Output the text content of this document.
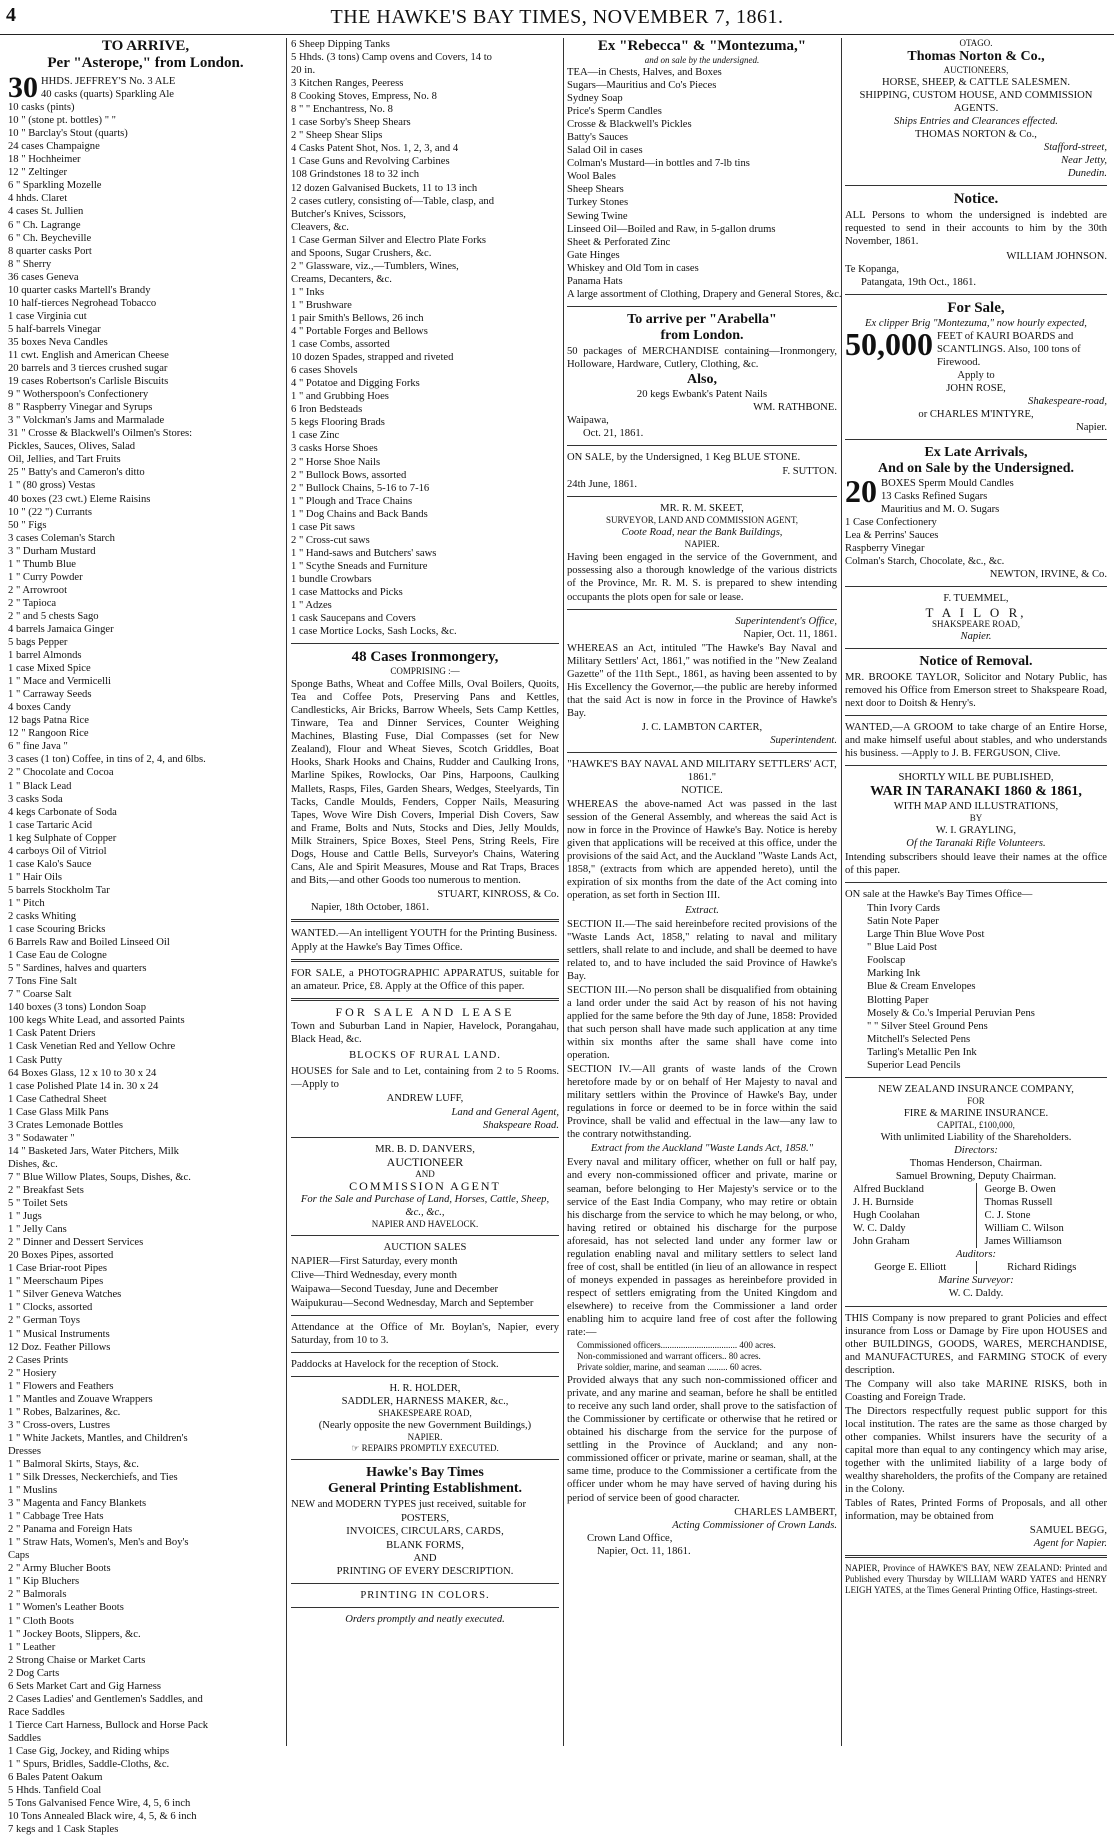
4	THE HAWKE'S BAY TIMES, NOVEMBER 7, 1861.
TO ARRIVE,
Per "Asterope," from London.
30 HHDS. JEFFREY'S No. 3 ALE
40 casks (quarts) Sparkling Ale
10 casks (pints)
10 " (stone pt. bottles) " "
10 " Barclay's Stout (quarts)
24 cases Champaigne
18 " Hochheimer
12 " Zeltinger
6 " Sparkling Mozelle
4 hhds. Claret
4 cases St. Jullien
6 " Ch. Lagrange
6 " Ch. Beycheville
8 quarter casks Port
8 " Sherry
36 cases Geneva
10 quarter casks Martell's Brandy
10 half-tierces Negrohead Tobacco
1 case Virginia cut
5 half-barrels Vinegar
35 boxes Neva Candles
11 cwt. English and American Cheese
20 barrels and 3 tierces crushed sugar
19 cases Robertson's Carlisle Biscuits
9 " Wotherspoon's Confectionery
8 " Raspberry Vinegar and Syrups
3 " Volckman's Jams and Marmalade
31 " Crosse & Blackwell's Oilmen's Stores:
Pickles, Sauces, Olives, Salad
Oil, Jellies, and Tart Fruits
25 " Batty's and Cameron's ditto
1 " (80 gross) Vestas
40 boxes (23 cwt.) Eleme Raisins
10 " (22 ") Currants
50 " Figs
3 cases Coleman's Starch
3 " Durham Mustard
1 " Thumb Blue
1 " Curry Powder
2 " Arrowroot
2 " Tapioca
2 " and 5 chests Sago
4 barrels Jamaica Ginger
5 bags Pepper
1 barrel Almonds
1 case Mixed Spice
1 " Mace and Vermicelli
1 " Carraway Seeds
4 boxes Candy
12 bags Patna Rice
12 " Rangoon Rice
6 " fine Java "
3 cases (1 ton) Coffee, in tins of 2, 4, and 6lbs.
2 " Chocolate and Cocoa
1 " Black Lead
3 casks Soda
4 kegs Carbonate of Soda
1 case Tartaric Acid
1 keg Sulphate of Copper
4 carboys Oil of Vitriol
1 case Kalo's Sauce
1 " Hair Oils
5 barrels Stockholm Tar
1 " Pitch
2 casks Whiting
1 case Scouring Bricks
6 Barrels Raw and Boiled Linseed Oil
1 Case Eau de Cologne
5 " Sardines, halves and quarters
7 Tons Fine Salt
7 " Coarse Salt
140 boxes (3 tons) London Soap
100 kegs White Lead, and assorted Paints
1 Cask Patent Driers
1 Cask Venetian Red and Yellow Ochre
1 Cask Putty
64 Boxes Glass, 12 x 10 to 30 x 24
1 case Polished Plate 14 in. 30 x 24
1 Case Cathedral Sheet
1 Case Glass Milk Pans
3 Crates Lemonade Bottles
3 " Sodawater "
14 " Basketed Jars, Water Pitchers, Milk
Dishes, &c.
7 " Blue Willow Plates, Soups, Dishes, &c.
2 " Breakfast Sets
5 " Toilet Sets
1 " Jugs
1 " Jelly Cans
2 " Dinner and Dessert Services
20 Boxes Pipes, assorted
1 Case Briar-root Pipes
1 " Meerschaum Pipes
1 " Silver Geneva Watches
1 " Clocks, assorted
2 " German Toys
1 " Musical Instruments
12 Doz. Feather Pillows
2 Cases Prints
2 " Hosiery
1 " Flowers and Feathers
1 " Mantles and Zouave Wrappers
1 " Robes, Balzarines, &c.
3 " Cross-overs, Lustres
1 " White Jackets, Mantles, and Children's
Dresses
1 " Balmoral Skirts, Stays, &c.
1 " Silk Dresses, Neckerchiefs, and Ties
1 " Muslins
3 " Magenta and Fancy Blankets
1 " Cabbage Tree Hats
2 " Panama and Foreign Hats
1 " Straw Hats, Women's, Men's and Boy's
Caps
2 " Army Blucher Boots
1 " Kip Bluchers
2 " Balmorals
1 " Women's Leather Boots
1 " Cloth Boots
1 " Jockey Boots, Slippers, &c.
1 " Leather
2 Strong Chaise or Market Carts
2 Dog Carts
6 Sets Market Cart and Gig Harness
2 Cases Ladies' and Gentlemen's Saddles, and
Race Saddles
1 Tierce Cart Harness, Bullock and Horse Pack
Saddles
1 Case Gig, Jockey, and Riding whips
1 " Spurs, Bridles, Saddle-Cloths, &c.
6 Bales Patent Oakum
5 Hhds. Tanfield Coal
5 Tons Galvanised Fence Wire, 4, 5, 6 inch
10 Tons Annealed Black wire, 4, 5, & 6 inch
7 kegs and 1 Cask Staples
6 Sheep Dipping Tanks
5 Hhds. (3 tons) Camp ovens and Covers, 14 to
20 in.
3 Kitchen Ranges, Peeress
8 Cooking Stoves, Empress, No. 8
8 " " Enchantress, No. 8
1 case Sorby's Sheep Shears
2 " Sheep Shear Slips
4 Casks Patent Shot, Nos. 1, 2, 3, and 4
1 Case Guns and Revolving Carbines
108 Grindstones 18 to 32 inch
12 dozen Galvanised Buckets, 11 to 13 inch
2 cases cutlery, consisting of—Table, clasp, and
Butcher's Knives, Scissors,
Cleavers, &c.
1 Case German Silver and Electro Plate Forks
and Spoons, Sugar Crushers, &c.
2 " Glassware, viz.,—Tumblers, Wines,
Creams, Decanters, &c.
1 " Inks
1 " Brushware
1 pair Smith's Bellows, 26 inch
4 " Portable Forges and Bellows
1 case Combs, assorted
10 dozen Spades, strapped and riveted
6 cases Shovels
4 " Potatoe and Digging Forks
1 " and Grubbing Hoes
6 Iron Bedsteads
5 kegs Flooring Brads
1 case Zinc
3 casks Horse Shoes
2 " Horse Shoe Nails
2 " Bullock Bows, assorted
2 " Bullock Chains, 5-16 to 7-16
1 " Plough and Trace Chains
1 " Dog Chains and Back Bands
1 case Pit saws
2 " Cross-cut saws
1 " Hand-saws and Butchers' saws
1 " Scythe Sneads and Furniture
1 bundle Crowbars
1 case Mattocks and Picks
1 " Adzes
1 cask Saucepans and Covers
1 case Mortice Locks, Sash Locks, &c.
48 Cases Ironmongery,
COMPRISING :—
Sponge Baths, Wheat and Coffee Mills, Oval Boilers, Quoits, Tea and Coffee Pots, Preserving Pans and Kettles, Candlesticks, Air Bricks, Barrow Wheels, Sets Camp Kettles, Tinware, Tea and Dinner Services, Counter Weighing Machines, Blasting Fuse, Dial Compasses (set for New Zealand), Flour and Wheat Sieves, Scotch Griddles, Boat Hooks, Shark Hooks and Chains, Rudder and Caulking Irons, Marline Spikes, Rowlocks, Oar Pins, Harpoons, Caulking Mallets, Rasps, Files, Garden Shears, Wedges, Steelyards, Tin Tacks, Candle Moulds, Fenders, Copper Nails, Measuring Tapes, Wove Wire Dish Covers, Imperial Dish Covers, Saw and Frame, Bolts and Nuts, Stocks and Dies, Jelly Moulds, Milk Strainers, Spice Boxes, Steel Pens, String Reels, Fire Dogs, House and Cattle Bells, Surveyor's Chains, Watering Cans, Ale and Spirit Measures, Mouse and Rat Traps, Braces and Bits,—and other Goods too numerous to mention.
STUART, KINROSS, & Co.
Napier, 18th October, 1861.
WANTED.—An intelligent YOUTH for the Printing Business.
Apply at the Hawke's Bay Times Office.
FOR SALE, a PHOTOGRAPHIC APPARATUS, suitable for an amateur. Price, £8. Apply at the Office of this paper.
FOR SALE AND LEASE
Town and Suburban Land in Napier, Havelock, Porangahau, Black Head, &c.
BLOCKS OF RURAL LAND.
HOUSES for Sale and to Let, containing from 2 to 5 Rooms.—Apply to
ANDREW LUFF,
Land and General Agent,
Shakspeare Road.
MR. B. D. DANVERS,
AUCTIONEER
AND
COMMISSION AGENT
For the Sale and Purchase of Land, Horses, Cattle, Sheep, &c., &c.,
NAPIER AND HAVELOCK.
AUCTION SALES
NAPIER—First Saturday, every month
Clive—Third Wednesday, every month
Waipawa—Second Tuesday, June and December
Waipukurau—Second Wednesday, March and September
Attendance at the Office of Mr. Boylan's, Napier, every Saturday, from 10 to 3.
Paddocks at Havelock for the reception of Stock.
H. R. HOLDER,
SADDLER, HARNESS MAKER, &c.,
SHAKESPEARE ROAD,
(Nearly opposite the new Government Buildings,)
NAPIER.
☞ REPAIRS PROMPTLY EXECUTED.
Hawke's Bay Times
General Printing Establishment.
NEW and MODERN TYPES just received, suitable for
POSTERS,
INVOICES, CIRCULARS, CARDS,
BLANK FORMS,
AND
PRINTING OF EVERY DESCRIPTION.
PRINTING IN COLORS.
Orders promptly and neatly executed.
Ex "Rebecca" & "Montezuma,"
and on sale by the undersigned.
TEA—in Chests, Halves, and Boxes
Sugars—Mauritius and Co's Pieces
Sydney Soap
Price's Sperm Candles
Crosse & Blackwell's Pickles
Batty's Sauces
Salad Oil in cases
Colman's Mustard—in bottles and 7-lb tins
Wool Bales
Sheep Shears
Turkey Stones
Sewing Twine
Linseed Oil—Boiled and Raw, in 5-gallon drums
Sheet & Perforated Zinc
Gate Hinges
Whiskey and Old Tom in cases
Panama Hats
A large assortment of Clothing, Drapery and General Stores, &c.
To arrive per "Arabella"
from London.
50 packages of MERCHANDISE containing—Ironmongery, Holloware, Hardware, Cutlery, Clothing, &c.
Also,
20 kegs Ewbank's Patent Nails
WM. RATHBONE.
Waipawa,
Oct. 21, 1861.
ON SALE, by the Undersigned, 1 Keg BLUE STONE.
F. SUTTON.
24th June, 1861.
MR. R. M. SKEET,
SURVEYOR, LAND AND COMMISSION AGENT,
Coote Road, near the Bank Buildings,
NAPIER.
Having been engaged in the service of the Government, and possessing also a thorough knowledge of the various districts of the Province, Mr. R. M. S. is prepared to shew intending occupants the plots open for sale or lease.
Superintendent's Office,
Napier, Oct. 11, 1861.
WHEREAS an Act, intituled "The Hawke's Bay Naval and Military Settlers' Act, 1861," was notified in the "New Zealand Gazette" of the 11th Sept., 1861, as having been assented to by His Excellency the Governor,—the public are hereby informed that the said Act is now in force in the Province of Hawke's Bay.
J. C. LAMBTON CARTER,
Superintendent.
"HAWKE'S BAY NAVAL AND MILITARY SETTLERS' ACT, 1861."
NOTICE.
WHEREAS the above-named Act was passed in the last session of the General Assembly, and whereas the said Act is now in force in the Province of Hawke's Bay. Notice is hereby given that applications will be received at this office, under the provisions of the said Act, and the Auckland "Waste Lands Act, 1858," (extracts from which are appended hereto), until the expiration of six months from the date of the Act coming into operation, as set forth in Section III.
Extract.
SECTION II.—The said hereinbefore recited provisions of the "Waste Lands Act, 1858," relating to naval and military settlers, shall relate to and include, and shall be deemed to have related to, and to have included the said Province of Hawke's Bay.
SECTION III.—No person shall be disqualified from obtaining a land order under the said Act by reason of his not having applied for the same before the 9th day of June, 1858: Provided that such person shall have made such application at any time within six months after the same shall have come into operation.
SECTION IV.—All grants of waste lands of the Crown heretofore made by or on behalf of Her Majesty to naval and military settlers within the Province of Hawke's Bay, under regulations in force or deemed to be in force within the said Province, shall be valid and effectual in the law—any law to the contrary notwithstanding.
Extract from the Auckland "Waste Lands Act, 1858."
Every naval and military officer, whether on full or half pay, and every non-commissioned officer and private, marine or seaman, before belonging to Her Majesty's service or to the service of the East India Company, who may retire or obtain his discharge from the service to which he may belong, or who, having retired or obtained his discharge for the purpose aforesaid, has not selected land under any former law or regulation enabling naval and military settlers to select land free of cost, shall be entitled (in lieu of an allowance in respect of moneys expended in passages as hereinbefore provided in respect of settlers emigrating from the United Kingdom and elsewhere) to receive from the Commissioner a land order enabling him to acquire land free of cost after the following rate:—
Commissioned officers.................................. 400 acres.
Non-commissioned and warrant officers.. 80 acres.
Private soldier, marine, and seaman ......... 60 acres.
Provided always that any such non-commissioned officer and private, and any marine and seaman, before he shall be entitled to receive any such land order, shall prove to the satisfaction of the Commissioner by certificate or otherwise that he retired or obtained his discharge from the service for the purpose of settling in the Province of Auckland; and any non-commissioned officer or private, marine or seaman, shall, at the same time, produce to the Commissioner a certificate from the officer under whom he may have served of having during his period of service been of good character.
CHARLES LAMBERT,
Acting Commissioner of Crown Lands.
Crown Land Office,
Napier, Oct. 11, 1861.
OTAGO.
Thomas Norton & Co.,
AUCTIONEERS,
HORSE, SHEEP, & CATTLE SALESMEN.
SHIPPING, CUSTOM HOUSE, AND COMMISSION AGENTS.
Ships Entries and Clearances effected.
THOMAS NORTON & Co.,
Stafford-street,
Near Jetty,
Dunedin.
Notice.
ALL Persons to whom the undersigned is indebted are requested to send in their accounts to him by the 30th November, 1861.
WILLIAM JOHNSON.
Te Kopanga,
Patangata, 19th Oct., 1861.
For Sale,
Ex clipper Brig "Montezuma," now hourly expected,
50,000 FEET of KAURI BOARDS and SCANTLINGS. Also, 100 tons of Firewood.
Apply to
JOHN ROSE,
Shakespeare-road,
or CHARLES M'INTYRE,
Napier.
Ex Late Arrivals,
And on Sale by the Undersigned.
20 BOXES Sperm Mould Candles
13 Casks Refined Sugars
Mauritius and M. O. Sugars
1 Case Confectionery
Lea & Perrins' Sauces
Raspberry Vinegar
Colman's Starch, Chocolate, &c., &c.
NEWTON, IRVINE, & Co.
F. TUEMMEL,
T A I L O R,
SHAKSPEARE ROAD,
Napier.
Notice of Removal.
MR. BROOKE TAYLOR, Solicitor and Notary Public, has removed his Office from Emerson street to Shakspeare Road, next door to Doitsh & Henry's.
WANTED,—A GROOM to take charge of an Entire Horse, and make himself useful about stables, and who understands his business. —Apply to J. B. FERGUSON, Clive.
SHORTLY WILL BE PUBLISHED,
WAR IN TARANAKI 1860 & 1861,
WITH MAP AND ILLUSTRATIONS,
BY
W. I. GRAYLING,
Of the Taranaki Rifle Volunteers.
Intending subscribers should leave their names at the office of this paper.
ON sale at the Hawke's Bay Times Office—
Thin Ivory Cards
Satin Note Paper
Large Thin Blue Wove Post
" Blue Laid Post
Foolscap
Marking Ink
Blue & Cream Envelopes
Blotting Paper
Mosely & Co.'s Imperial Peruvian Pens
" " Silver Steel Ground Pens
Mitchell's Selected Pens
Tarling's Metallic Pen Ink
Superior Lead Pencils
NEW ZEALAND INSURANCE COMPANY,
FOR
FIRE & MARINE INSURANCE.
CAPITAL, £100,000,
With unlimited Liability of the Shareholders.
Directors:
Thomas Henderson, Chairman.
Samuel Browning, Deputy Chairman.
Alfred Buckland
J. H. Burnside
Hugh Coolahan
W. C. Daldy
John Graham
George B. Owen
Thomas Russell
C. J. Stone
William C. Wilson
James Williamson
Auditors:
George E. Elliott	Richard Ridings
Marine Surveyor:
W. C. Daldy.
THIS Company is now prepared to grant Policies and effect insurance from Loss or Damage by Fire upon HOUSES and other BUILDINGS, GOODS, WARES, MERCHANDISE, and MANUFACTURES, and FARMING STOCK of every description.
The Company will also take MARINE RISKS, both in Coasting and Foreign Trade.
The Directors respectfully request public support for this local institution. The rates are the same as those charged by other companies. Whilst insurers have the security of a capital more than equal to any contingency which may arise, together with the unlimited liability of a large body of wealthy shareholders, the profits of the Company are retained in the Colony.
Tables of Rates, Printed Forms of Proposals, and all other information, may be obtained from
SAMUEL BEGG,
Agent for Napier.
NAPIER, Province of HAWKE'S BAY, NEW ZEALAND: Printed and Published every Thursday by WILLIAM WARD YATES and HENRY LEIGH YATES, at the Times General Printing Office, Hastings-street.
